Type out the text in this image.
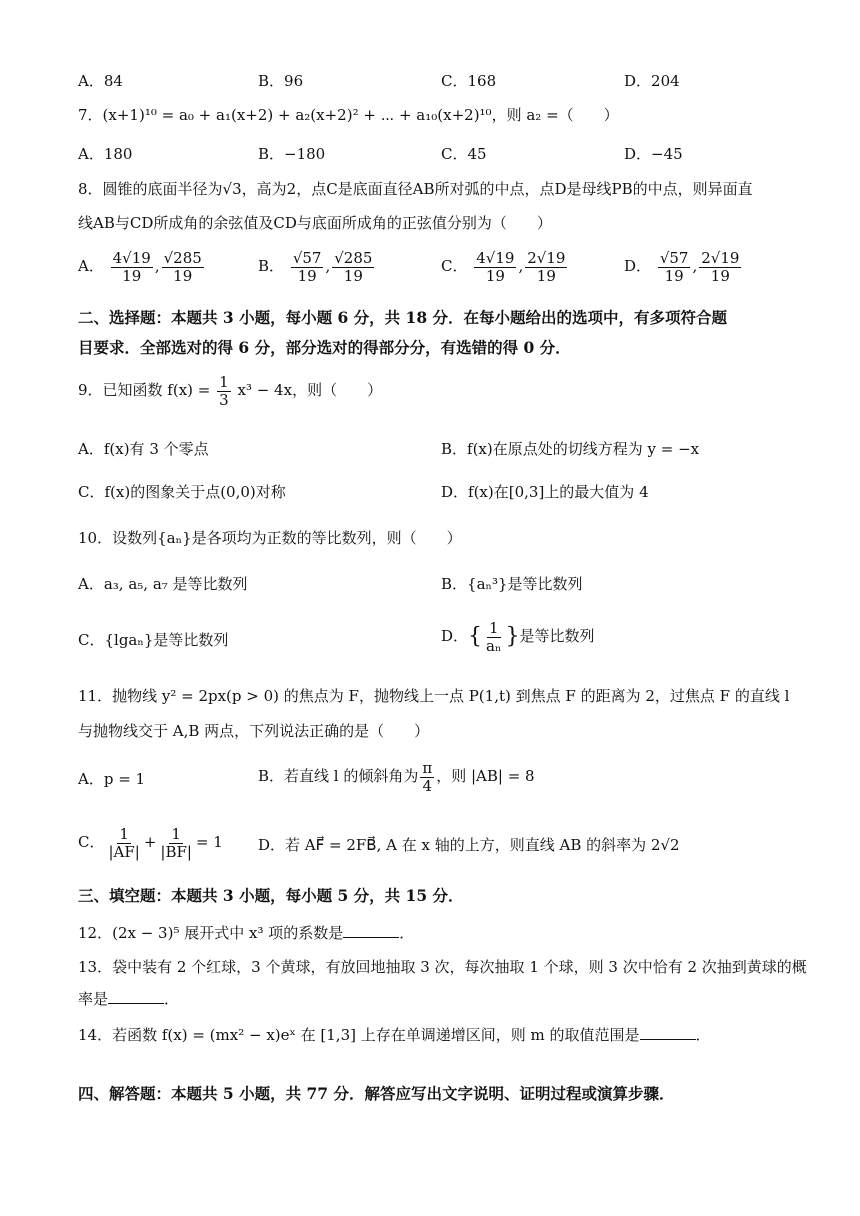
A．84	B．96	C．168	D．204
7．(x+1)¹⁰ = a₀ + a₁(x+2) + a₂(x+2)² + ⋯ + a₁₀(x+2)¹⁰，则 a₂ =（　　）
A．180	B．−180	C．45	D．−45
8．圆锥的底面半径为√3，高为2，点C是底面直径AB所对弧的中点，点D是母线PB的中点，则异面直
线AB与CD所成角的余弦值及CD与底面所成角的正弦值分别为（　　）
A． $\frac{4√19}{19}$ , $\frac{√285}{19}$	B． $\frac{√57}{19}$ , $\frac{√285}{19}$	C． $\frac{4√19}{19}$ , $\frac{2√19}{19}$	D． $\frac{√57}{19}$ , $\frac{2√19}{19}$
二、选择题：本题共 3 小题，每小题 6 分，共 18 分．在每小题给出的选项中，有多项符合题
目要求．全部选对的得 6 分，部分选对的得部分分，有选错的得 0 分．
9．已知函数 $f(x) = \frac{1}{3} x^3 - 4x$，则（　　）
A．f(x)有 3 个零点	B．f(x)在原点处的切线方程为 y = −x
C．f(x)的图象关于点(0,0)对称	D．f(x)在[0,3]上的最大值为 4
10．设数列{aₙ}是各项均为正数的等比数列，则（　　）
A．a₃, a₅, a₇ 是等比数列	B．{aₙ³}是等比数列
C．{lgaₙ}是等比数列	D．{ $\frac{1}{\text{aₙ}}$ }是等比数列
11．抛物线 y² = 2px(p > 0) 的焦点为 F，抛物线上一点 P(1,t) 到焦点 F 的距离为 2，过焦点 F 的直线 l
与抛物线交于 A,B 两点，下列说法正确的是（　　）
A．p = 1	B．若直线 l 的倾斜角为 $\frac{\pi}{4}$ ，则 |AB| = 8
C． $\frac{1}{|AF|} + \frac{1}{|BF|} = 1$ D．若 AF⃗ = 2FB⃗, A 在 x 轴的上方，则直线 AB 的斜率为 2√2
三、填空题：本题共 3 小题，每小题 5 分，共 15 分．
12．(2x − 3)⁵ 展开式中 x³ 项的系数是	．
13．袋中装有 2 个红球，3 个黄球，有放回地抽取 3 次，每次抽取 1 个球，则 3 次中恰有 2 次抽到黄球的概
率是	．
14．若函数 f(x) = (mx² − x)eˣ 在 [1,3] 上存在单调递增区间，则 m 的取值范围是	．
四、解答题：本题共 5 小题，共 77 分．解答应写出文字说明、证明过程或演算步骤．
